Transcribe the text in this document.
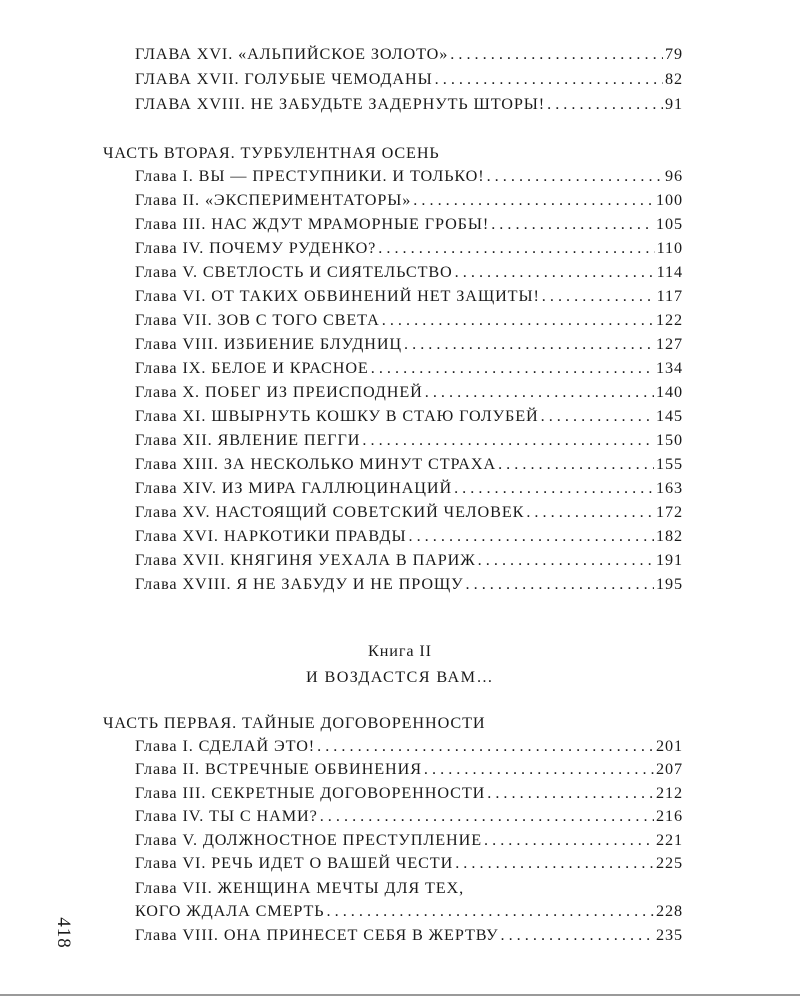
ГЛАВА XVI. «АЛЬПИЙСКОЕ ЗОЛОТО» . . .	79
ГЛАВА XVII. ГОЛУБЫЕ ЧЕМОДАНЫ . . .	82
ГЛАВА XVIII. НЕ ЗАБУДЬТЕ ЗАДЕРНУТЬ ШТОРЫ! . . .	91
ЧАСТЬ ВТОРАЯ. ТУРБУЛЕНТНАЯ ОСЕНЬ
Глава I. ВЫ — ПРЕСТУПНИКИ. И ТОЛЬКО! . . .	96
Глава II. «ЭКСПЕРИМЕНТАТОРЫ» . . .	100
Глава III. НАС ЖДУТ МРАМОРНЫЕ ГРОБЫ! . . .	105
Глава IV. ПОЧЕМУ РУДЕНКО? . . .	110
Глава V. СВЕТЛОСТЬ И СИЯТЕЛЬСТВО . . .	114
Глава VI. ОТ ТАКИХ ОБВИНЕНИЙ НЕТ ЗАЩИТЫ! . . .	117
Глава VII. ЗОВ С ТОГО СВЕТА . . .	122
Глава VIII. ИЗБИЕНИЕ БЛУДНИЦ . . .	127
Глава IX. БЕЛОЕ И КРАСНОЕ . . .	134
Глава X. ПОБЕГ ИЗ ПРЕИСПОДНЕЙ . . .	140
Глава XI. ШВЫРНУТЬ КОШКУ В СТАЮ ГОЛУБЕЙ . . .	145
Глава XII. ЯВЛЕНИЕ ПЕГГИ . . .	150
Глава XIII. ЗА НЕСКОЛЬКО МИНУТ СТРАХА . . .	155
Глава XIV. ИЗ МИРА ГАЛЛЮЦИНАЦИЙ . . .	163
Глава XV. НАСТОЯЩИЙ СОВЕТСКИЙ ЧЕЛОВЕК . . .	172
Глава XVI. НАРКОТИКИ ПРАВДЫ . . .	182
Глава XVII. КНЯГИНЯ УЕХАЛА В ПАРИЖ . . .	191
Глава XVIII. Я НЕ ЗАБУДУ И НЕ ПРОЩУ . . .	195
Книга II
И ВОЗДАСТСЯ ВАМ…
ЧАСТЬ ПЕРВАЯ. ТАЙНЫЕ ДОГОВОРЕННОСТИ
Глава I. СДЕЛАЙ ЭТО! . . .	201
Глава II. ВСТРЕЧНЫЕ ОБВИНЕНИЯ . . .	207
Глава III. СЕКРЕТНЫЕ ДОГОВОРЕННОСТИ . . .	212
Глава IV. ТЫ С НАМИ? . . .	216
Глава V. ДОЛЖНОСТНОЕ ПРЕСТУПЛЕНИЕ . . .	221
Глава VI. РЕЧЬ ИДЕТ О ВАШЕЙ ЧЕСТИ . . .	225
Глава VII. ЖЕНЩИНА МЕЧТЫ ДЛЯ ТЕХ,
КОГО ЖДАЛА СМЕРТЬ . . .	228
Глава VIII. ОНА ПРИНЕСЕТ СЕБЯ В ЖЕРТВУ . . .	235
418
